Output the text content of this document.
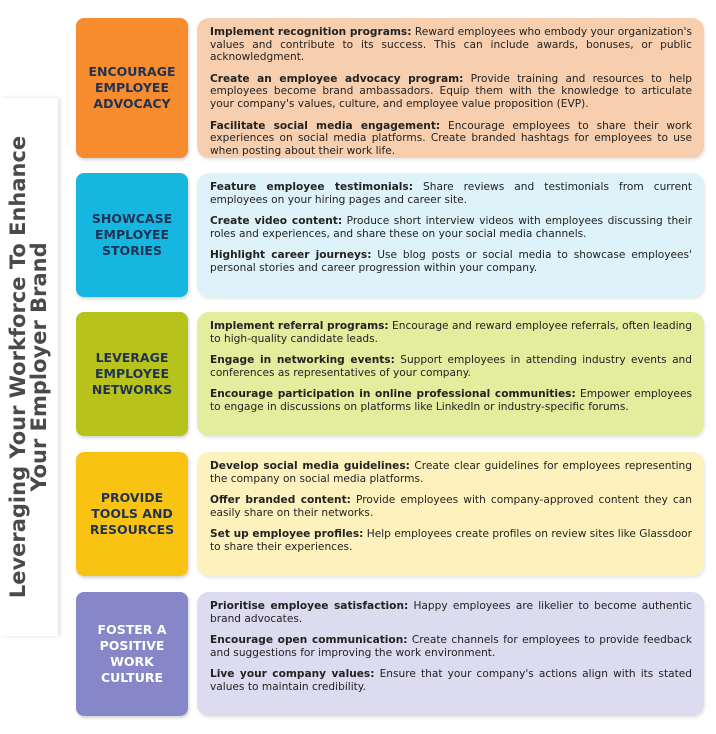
Leveraging Your Workforce To Enhance
Your Employer Brand
ENCOURAGE EMPLOYEE ADVOCACY

Implement recognition programs: Reward employees who embody your organization's values and contribute to its success. This can include awards, bonuses, or public acknowledgment.

Create an employee advocacy program: Provide training and resources to help employees become brand ambassadors. Equip them with the knowledge to articulate your company's values, culture, and employee value proposition (EVP).

Facilitate social media engagement: Encourage employees to share their work experiences on social media platforms. Create branded hashtags for employees to use when posting about their work life.

SHOWCASE EMPLOYEE STORIES

Feature employee testimonials: Share reviews and testimonials from current employees on your hiring pages and career site.

Create video content: Produce short interview videos with employees discussing their roles and experiences, and share these on your social media channels.

Highlight career journeys: Use blog posts or social media to showcase employees' personal stories and career progression within your company.

LEVERAGE EMPLOYEE NETWORKS

Implement referral programs: Encourage and reward employee referrals, often leading to high-quality candidate leads.

Engage in networking events: Support employees in attending industry events and conferences as representatives of your company.

Encourage participation in online professional communities: Empower employees to engage in discussions on platforms like LinkedIn or industry-specific forums.

PROVIDE TOOLS AND RESOURCES

Develop social media guidelines: Create clear guidelines for employees representing the company on social media platforms.

Offer branded content: Provide employees with company-approved content they can easily share on their networks.

Set up employee profiles: Help employees create profiles on review sites like Glassdoor to share their experiences.

FOSTER A POSITIVE WORK CULTURE

Prioritise employee satisfaction: Happy employees are likelier to become authentic brand advocates.

Encourage open communication: Create channels for employees to provide feedback and suggestions for improving the work environment.

Live your company values: Ensure that your company's actions align with its stated values to maintain credibility.
